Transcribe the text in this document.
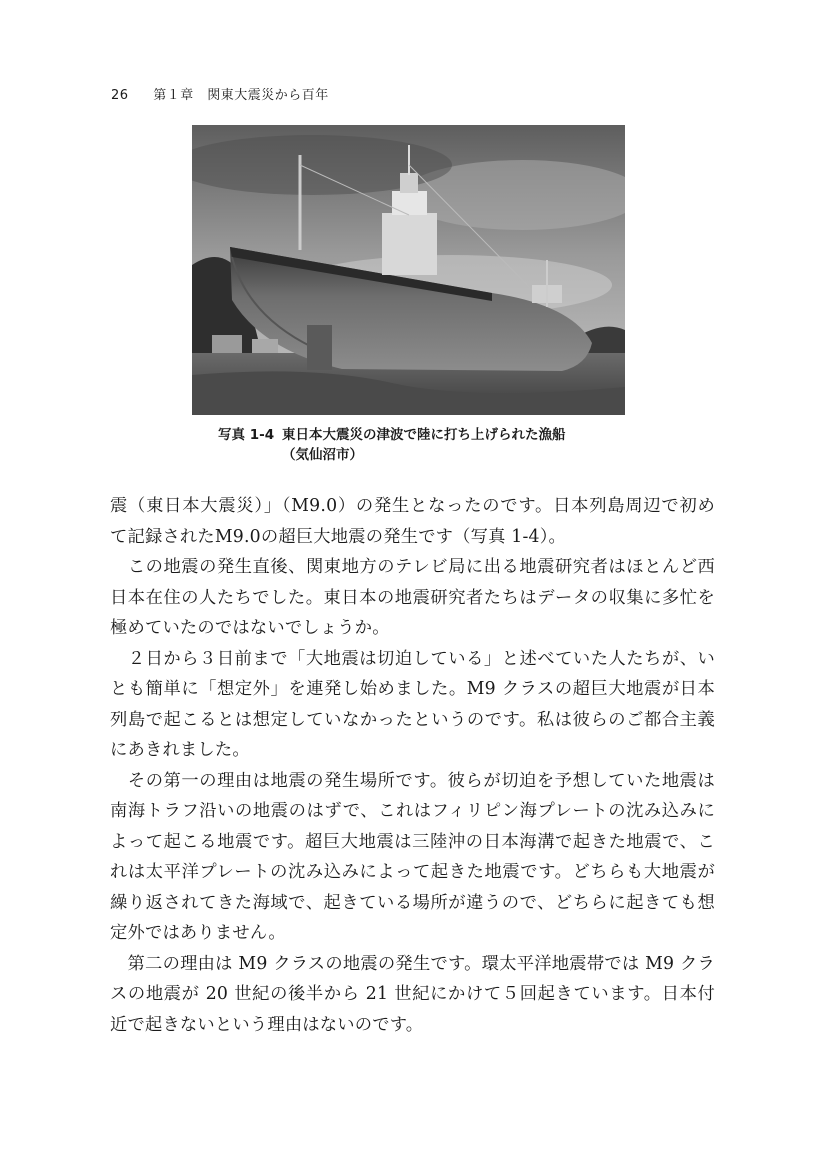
26 第１章　関東大震災から百年
写真 1-4 東日本大震災の津波で陸に打ち上げられた漁船
（気仙沼市）
震（東日本大震災）」（M9.0）の発生となったのです。日本列島周辺で初め
て記録されたM9.0の超巨大地震の発生です（写真 1-4）。
　この地震の発生直後、関東地方のテレビ局に出る地震研究者はほとんど西
日本在住の人たちでした。東日本の地震研究者たちはデータの収集に多忙を
極めていたのではないでしょうか。
　２日から３日前まで「大地震は切迫している」と述べていた人たちが、い
とも簡単に「想定外」を連発し始めました。M9 クラスの超巨大地震が日本
列島で起こるとは想定していなかったというのです。私は彼らのご都合主義
にあきれました。
　その第一の理由は地震の発生場所です。彼らが切迫を予想していた地震は
南海トラフ沿いの地震のはずで、これはフィリピン海プレートの沈み込みに
よって起こる地震です。超巨大地震は三陸沖の日本海溝で起きた地震で、こ
れは太平洋プレートの沈み込みによって起きた地震です。どちらも大地震が
繰り返されてきた海域で、起きている場所が違うので、どちらに起きても想
定外ではありません。
　第二の理由は M9 クラスの地震の発生です。環太平洋地震帯では M9 クラ
スの地震が 20 世紀の後半から 21 世紀にかけて５回起きています。日本付
近で起きないという理由はないのです。
